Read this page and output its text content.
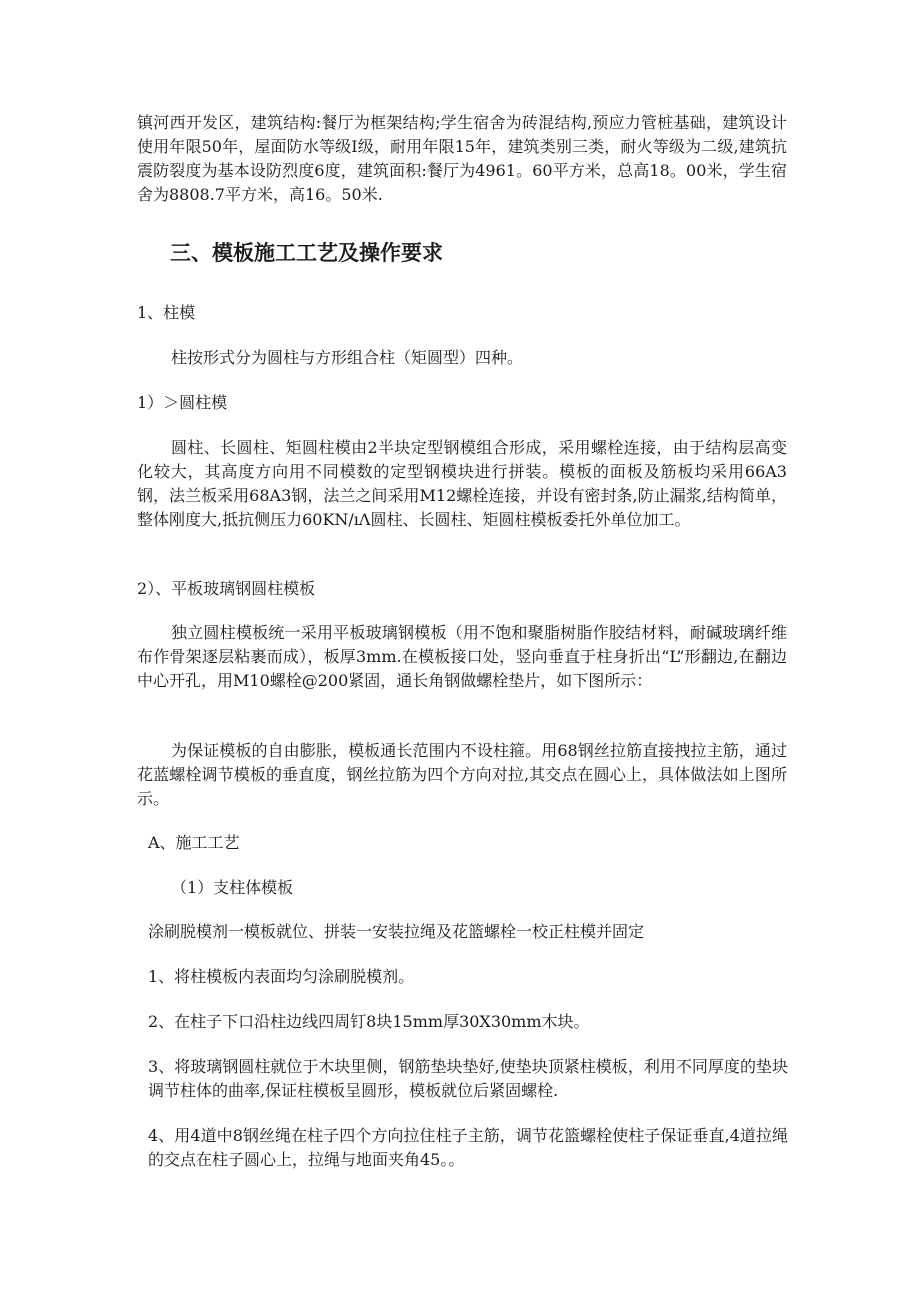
镇河西开发区，建筑结构:餐厅为框架结构;学生宿舍为砖混结构,预应力管桩基础，建筑设计使用年限50年，屋面防水等级I级，耐用年限15年，建筑类别三类，耐火等级为二级,建筑抗震防裂度为基本设防烈度6度，建筑面积:餐厅为4961。60平方米，总高18。00米，学生宿舍为8808.7平方米，高16。50米.

三、模板施工工艺及操作要求

1、柱模

柱按形式分为圆柱与方形组合柱（矩圆型）四种。

1）＞圆柱模

圆柱、长圆柱、矩圆柱模由2半块定型钢模组合形成，采用螺栓连接，由于结构层高变化较大，其高度方向用不同模数的定型钢模块进行拼装。模板的面板及筋板均采用66A3钢，法兰板采用68A3钢，法兰之间采用M12螺栓连接，并设有密封条,防止漏浆,结构简单，整体刚度大,抵抗侧压力60KN/ıΛ圆柱、长圆柱、矩圆柱模板委托外单位加工。

2）、平板玻璃钢圆柱模板

独立圆柱模板统一采用平板玻璃钢模板（用不饱和聚脂树脂作胶结材料，耐碱玻璃纤维布作骨架逐层粘裹而成），板厚3mm.在模板接口处，竖向垂直于柱身折出“L”形翻边,在翻边中心开孔，用M10螺栓@200紧固，通长角钢做螺栓垫片，如下图所示：

为保证模板的自由膨胀，模板通长范围内不设柱箍。用68钢丝拉筋直接拽拉主筋，通过花蓝螺栓调节模板的垂直度，钢丝拉筋为四个方向对拉,其交点在圆心上，具体做法如上图所示。

A、施工工艺

（1）支柱体模板

涂刷脱模剂一模板就位、拼装一安装拉绳及花篮螺栓一校正柱模并固定

1、将柱模板内表面均匀涂刷脱模剂。

2、在柱子下口沿柱边线四周钉8块15mm厚30X30mm木块。

3、将玻璃钢圆柱就位于木块里侧，钢筋垫块垫好,使垫块顶紧柱模板，利用不同厚度的垫块调节柱体的曲率,保证柱模板呈圆形，模板就位后紧固螺栓.

4、用4道中8钢丝绳在柱子四个方向拉住柱子主筋，调节花篮螺栓使柱子保证垂直,4道拉绳的交点在柱子圆心上，拉绳与地面夹角45。。
